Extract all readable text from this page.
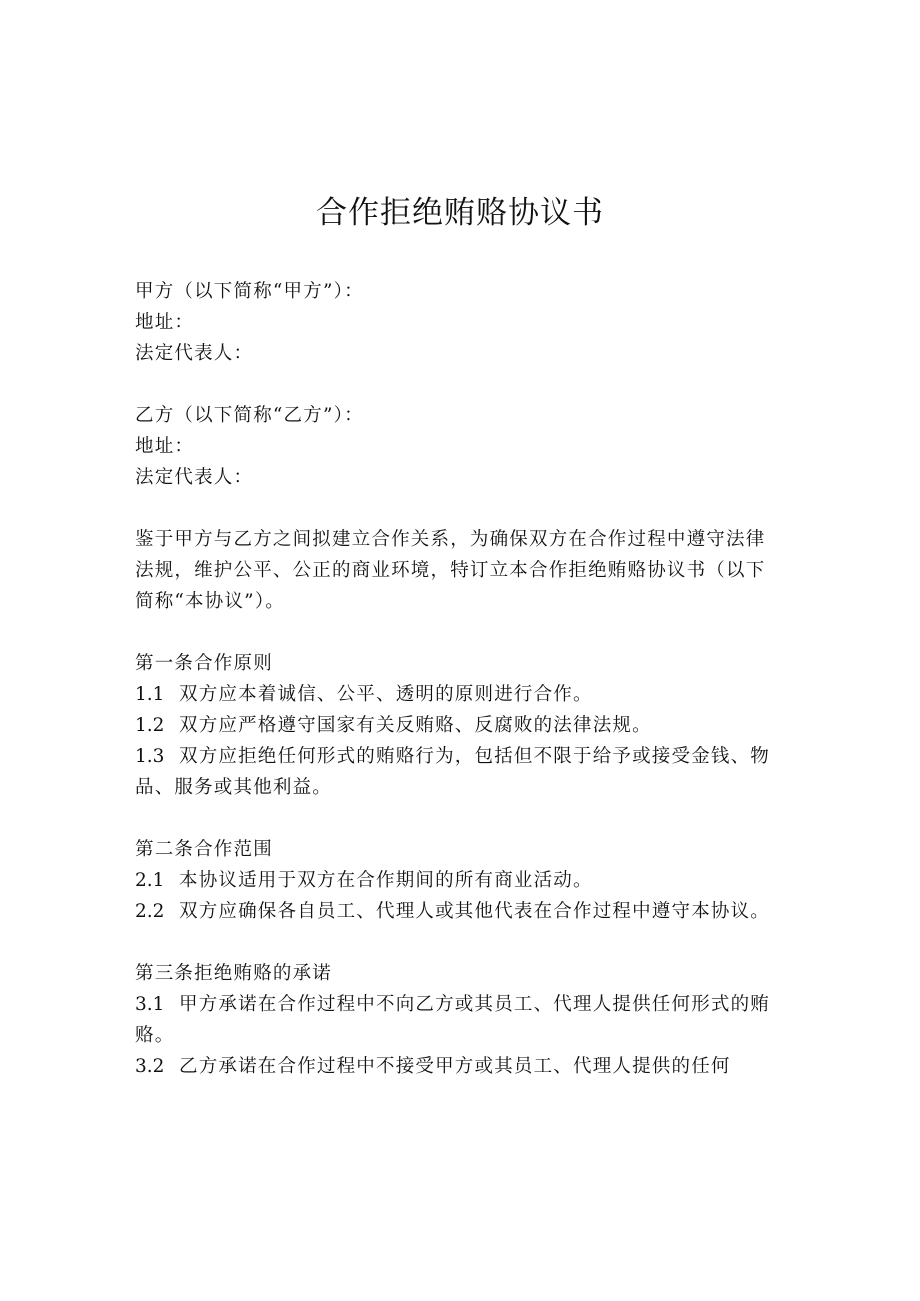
合作拒绝贿赂协议书
甲方（以下简称“甲方”）：
地址：
法定代表人：
乙方（以下简称“乙方”）：
地址：
法定代表人：
鉴于甲方与乙方之间拟建立合作关系，为确保双方在合作过程中遵守法律
法规，维护公平、公正的商业环境，特订立本合作拒绝贿赂协议书（以下
简称“本协议”）。
第一条合作原则
1.1 双方应本着诚信、公平、透明的原则进行合作。
1.2 双方应严格遵守国家有关反贿赂、反腐败的法律法规。
1.3 双方应拒绝任何形式的贿赂行为，包括但不限于给予或接受金钱、物
品、服务或其他利益。
第二条合作范围
2.1 本协议适用于双方在合作期间的所有商业活动。
2.2 双方应确保各自员工、代理人或其他代表在合作过程中遵守本协议。
第三条拒绝贿赂的承诺
3.1 甲方承诺在合作过程中不向乙方或其员工、代理人提供任何形式的贿
赂。
3.2 乙方承诺在合作过程中不接受甲方或其员工、代理人提供的任何
